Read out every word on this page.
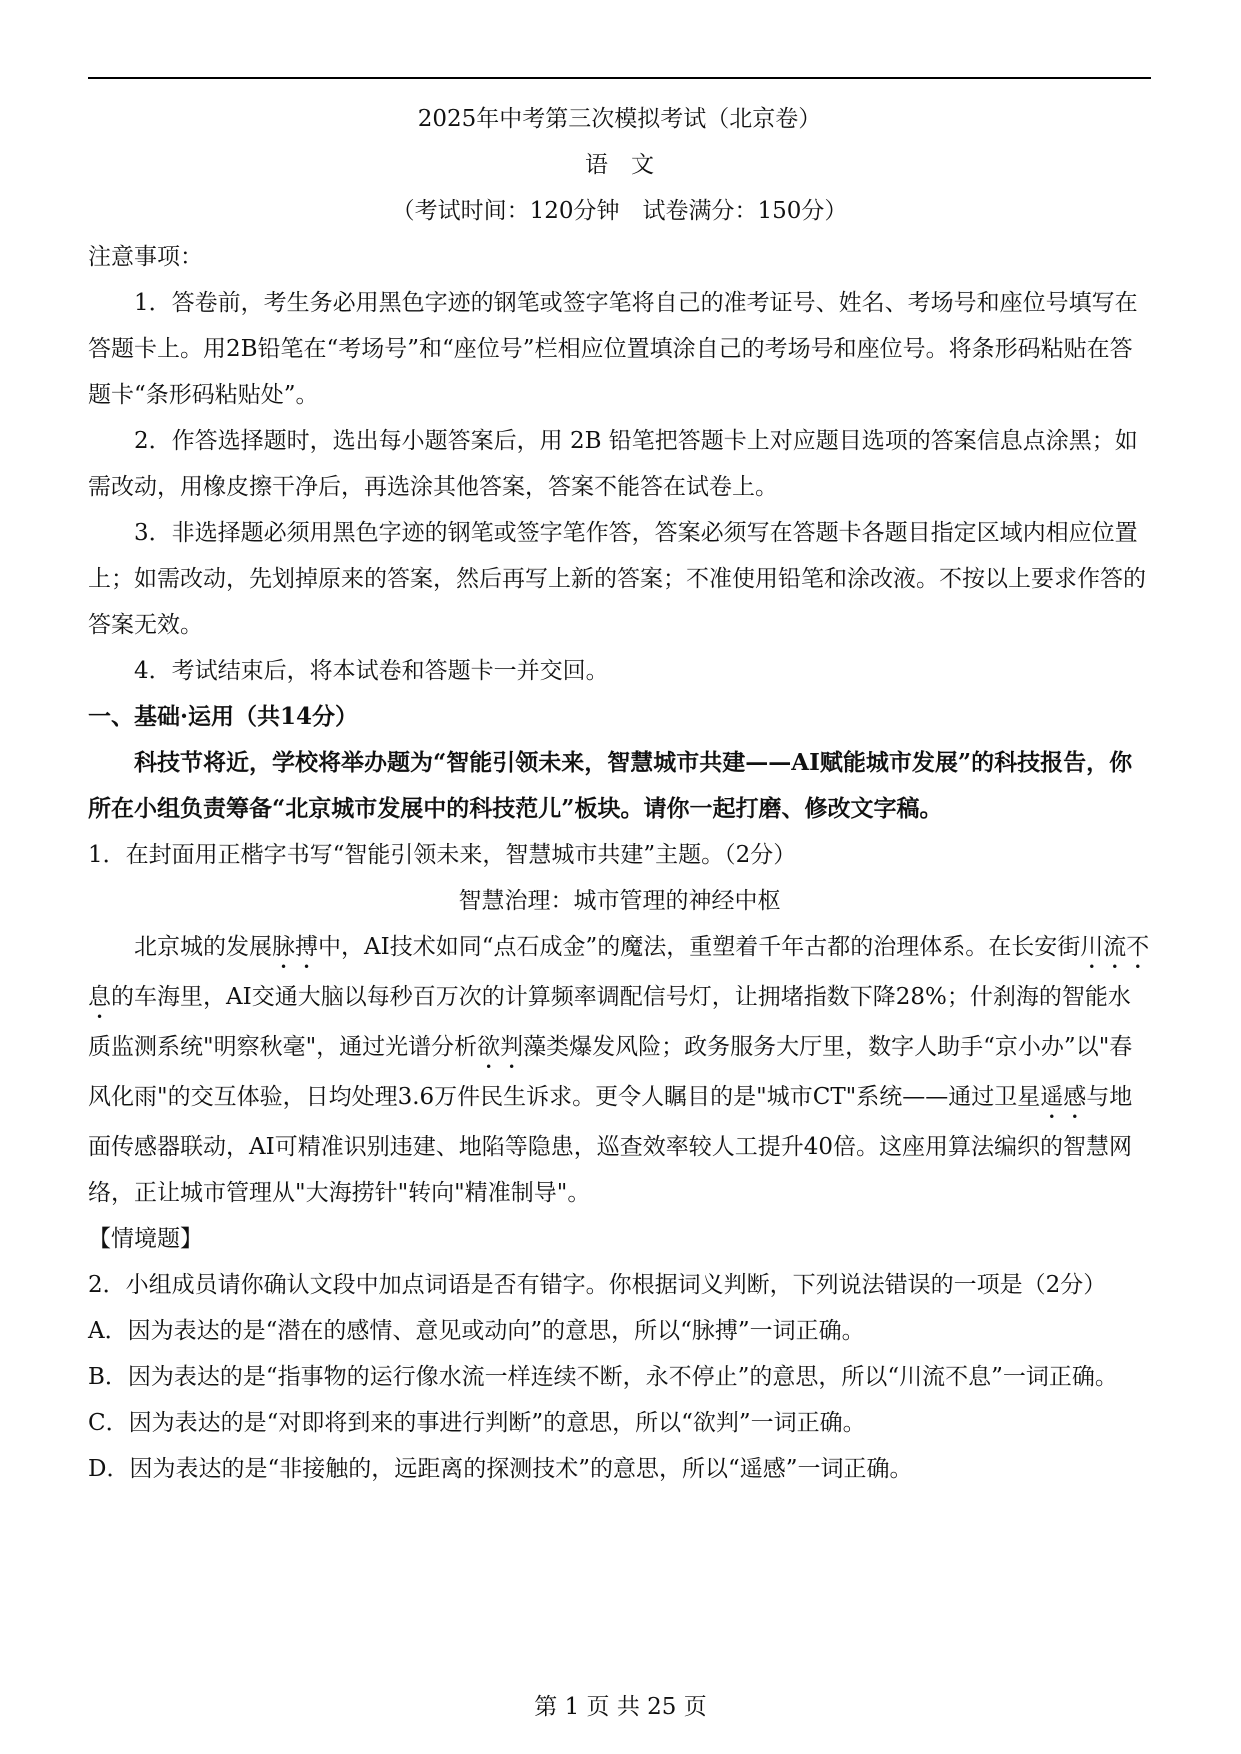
2025年中考第三次模拟考试（北京卷）

语　文

（考试时间：120分钟　试卷满分：150分）

注意事项：

1．答卷前，考生务必用黑色字迹的钢笔或签字笔将自己的准考证号、姓名、考场号和座位号填写在答题卡上。用2B铅笔在“考场号”和“座位号”栏相应位置填涂自己的考场号和座位号。将条形码粘贴在答题卡“条形码粘贴处”。

2．作答选择题时，选出每小题答案后，用 2B 铅笔把答题卡上对应题目选项的答案信息点涂黑；如需改动，用橡皮擦干净后，再选涂其他答案，答案不能答在试卷上。

3．非选择题必须用黑色字迹的钢笔或签字笔作答，答案必须写在答题卡各题目指定区域内相应位置上；如需改动，先划掉原来的答案，然后再写上新的答案；不准使用铅笔和涂改液。不按以上要求作答的答案无效。

4．考试结束后，将本试卷和答题卡一并交回。

一、基础·运用（共14分）

科技节将近，学校将举办题为“智能引领未来，智慧城市共建——AI赋能城市发展”的科技报告，你所在小组负责筹备“北京城市发展中的科技范儿”板块。请你一起打磨、修改文字稿。

1．在封面用正楷字书写“智能引领未来，智慧城市共建”主题。（2分）

智慧治理：城市管理的神经中枢

北京城的发展脉搏中，AI技术如同“点石成金”的魔法，重塑着千年古都的治理体系。在长安街川流不息的车海里，AI交通大脑以每秒百万次的计算频率调配信号灯，让拥堵指数下降28%；什刹海的智能水质监测系统"明察秋毫"，通过光谱分析欲判藻类爆发风险；政务服务大厅里，数字人助手“京小办”以"春风化雨"的交互体验，日均处理3.6万件民生诉求。更令人瞩目的是"城市CT"系统——通过卫星遥感与地面传感器联动，AI可精准识别违建、地陷等隐患，巡查效率较人工提升40倍。这座用算法编织的智慧网络，正让城市管理从"大海捞针"转向"精准制导"。

【情境题】

2．小组成员请你确认文段中加点词语是否有错字。你根据词义判断，下列说法错误的一项是（2分）

A．因为表达的是“潜在的感情、意见或动向”的意思，所以“脉搏”一词正确。

B．因为表达的是“指事物的运行像水流一样连续不断，永不停止”的意思，所以“川流不息”一词正确。

C．因为表达的是“对即将到来的事进行判断”的意思，所以“欲判”一词正确。

D．因为表达的是“非接触的，远距离的探测技术”的意思，所以“遥感”一词正确。

第 1 页 共 25 页
